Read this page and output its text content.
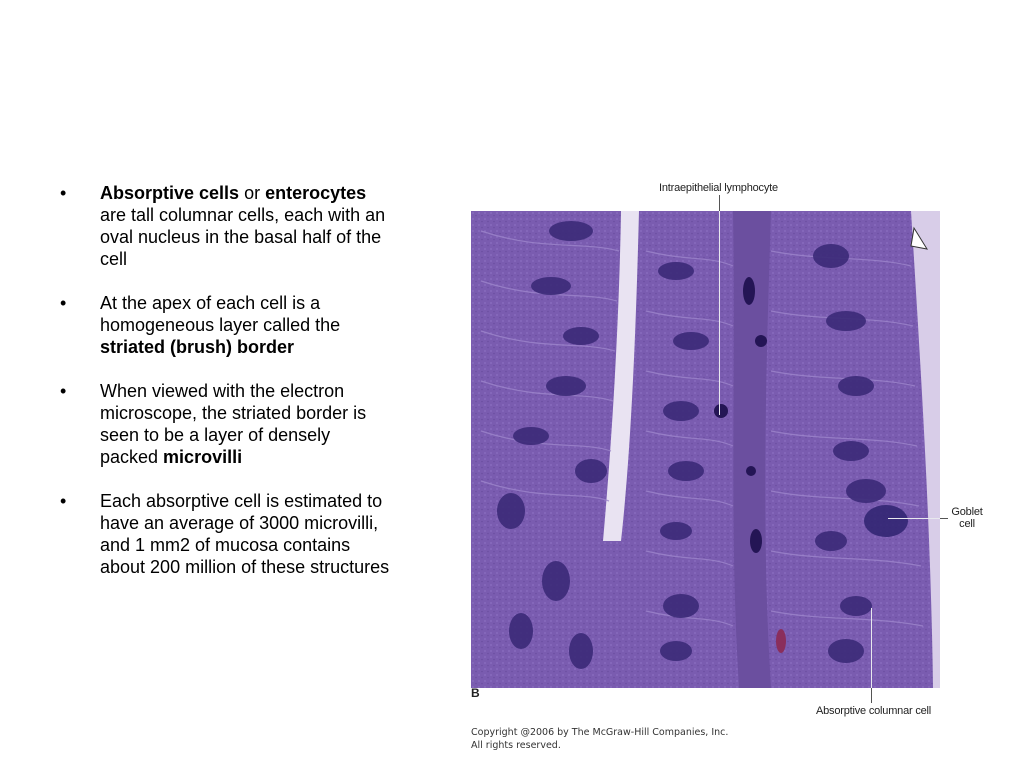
• Absorptive cells or enterocytes are tall columnar cells, each with an oval nucleus in the basal half of the cell
• At the apex of each cell is a homogeneous layer called the striated (brush) border
• When viewed with the electron microscope, the striated border is seen to be a layer of densely packed microvilli
• Each absorptive cell is estimated to have an average of 3000 microvilli, and 1 mm2 of mucosa contains about 200 million of these structures
Intraepithelial lymphocyte
Goblet
cell
B
Absorptive columnar cell
Copyright @2006 by The McGraw-Hill Companies, Inc.
All rights reserved.
